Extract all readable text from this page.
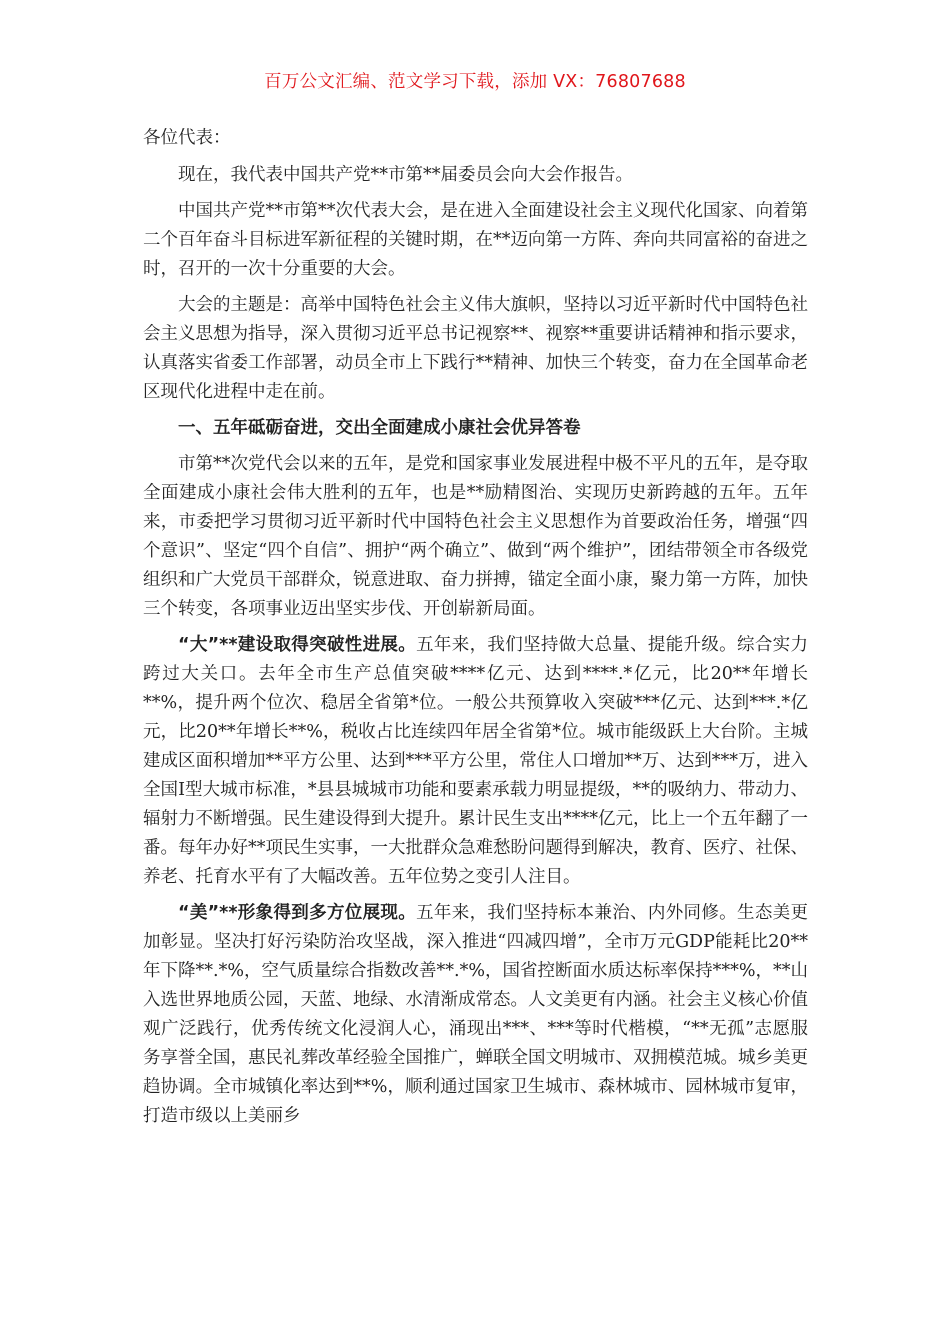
百万公文汇编、范文学习下载，添加 VX：76807688

各位代表：

现在，我代表中国共产党**市第**届委员会向大会作报告。

中国共产党**市第**次代表大会，是在进入全面建设社会主义现代化国家、向着第二个百年奋斗目标进军新征程的关键时期，在**迈向第一方阵、奔向共同富裕的奋进之时，召开的一次十分重要的大会。

大会的主题是：高举中国特色社会主义伟大旗帜，坚持以习近平新时代中国特色社会主义思想为指导，深入贯彻习近平总书记视察**、视察**重要讲话精神和指示要求，认真落实省委工作部署，动员全市上下践行**精神、加快三个转变，奋力在全国革命老区现代化进程中走在前。

一、五年砥砺奋进，交出全面建成小康社会优异答卷

市第**次党代会以来的五年，是党和国家事业发展进程中极不平凡的五年，是夺取全面建成小康社会伟大胜利的五年，也是**励精图治、实现历史新跨越的五年。五年来，市委把学习贯彻习近平新时代中国特色社会主义思想作为首要政治任务，增强“四个意识”、坚定“四个自信”、拥护“两个确立”、做到“两个维护”，团结带领全市各级党组织和广大党员干部群众，锐意进取、奋力拼搏，锚定全面小康，聚力第一方阵，加快三个转变，各项事业迈出坚实步伐、开创崭新局面。

“大”**建设取得突破性进展。五年来，我们坚持做大总量、提能升级。综合实力跨过大关口。去年全市生产总值突破****亿元、达到****.*亿元，比20**年增长**%，提升两个位次、稳居全省第*位。一般公共预算收入突破***亿元、达到***.*亿元，比20**年增长**%，税收占比连续四年居全省第*位。城市能级跃上大台阶。主城建成区面积增加**平方公里、达到***平方公里，常住人口增加**万、达到***万，进入全国Ⅰ型大城市标准，*县县城城市功能和要素承载力明显提级，**的吸纳力、带动力、辐射力不断增强。民生建设得到大提升。累计民生支出****亿元，比上一个五年翻了一番。每年办好**项民生实事，一大批群众急难愁盼问题得到解决，教育、医疗、社保、养老、托育水平有了大幅改善。五年位势之变引人注目。

“美”**形象得到多方位展现。五年来，我们坚持标本兼治、内外同修。生态美更加彰显。坚决打好污染防治攻坚战，深入推进“四减四增”，全市万元GDP能耗比20**年下降**.*%，空气质量综合指数改善**.*%，国省控断面水质达标率保持***%，**山入选世界地质公园，天蓝、地绿、水清渐成常态。人文美更有内涵。社会主义核心价值观广泛践行，优秀传统文化浸润人心，涌现出***、***等时代楷模，“**无孤”志愿服务享誉全国，惠民礼葬改革经验全国推广，蝉联全国文明城市、双拥模范城。城乡美更趋协调。全市城镇化率达到**%，顺利通过国家卫生城市、森林城市、园林城市复审，打造市级以上美丽乡
